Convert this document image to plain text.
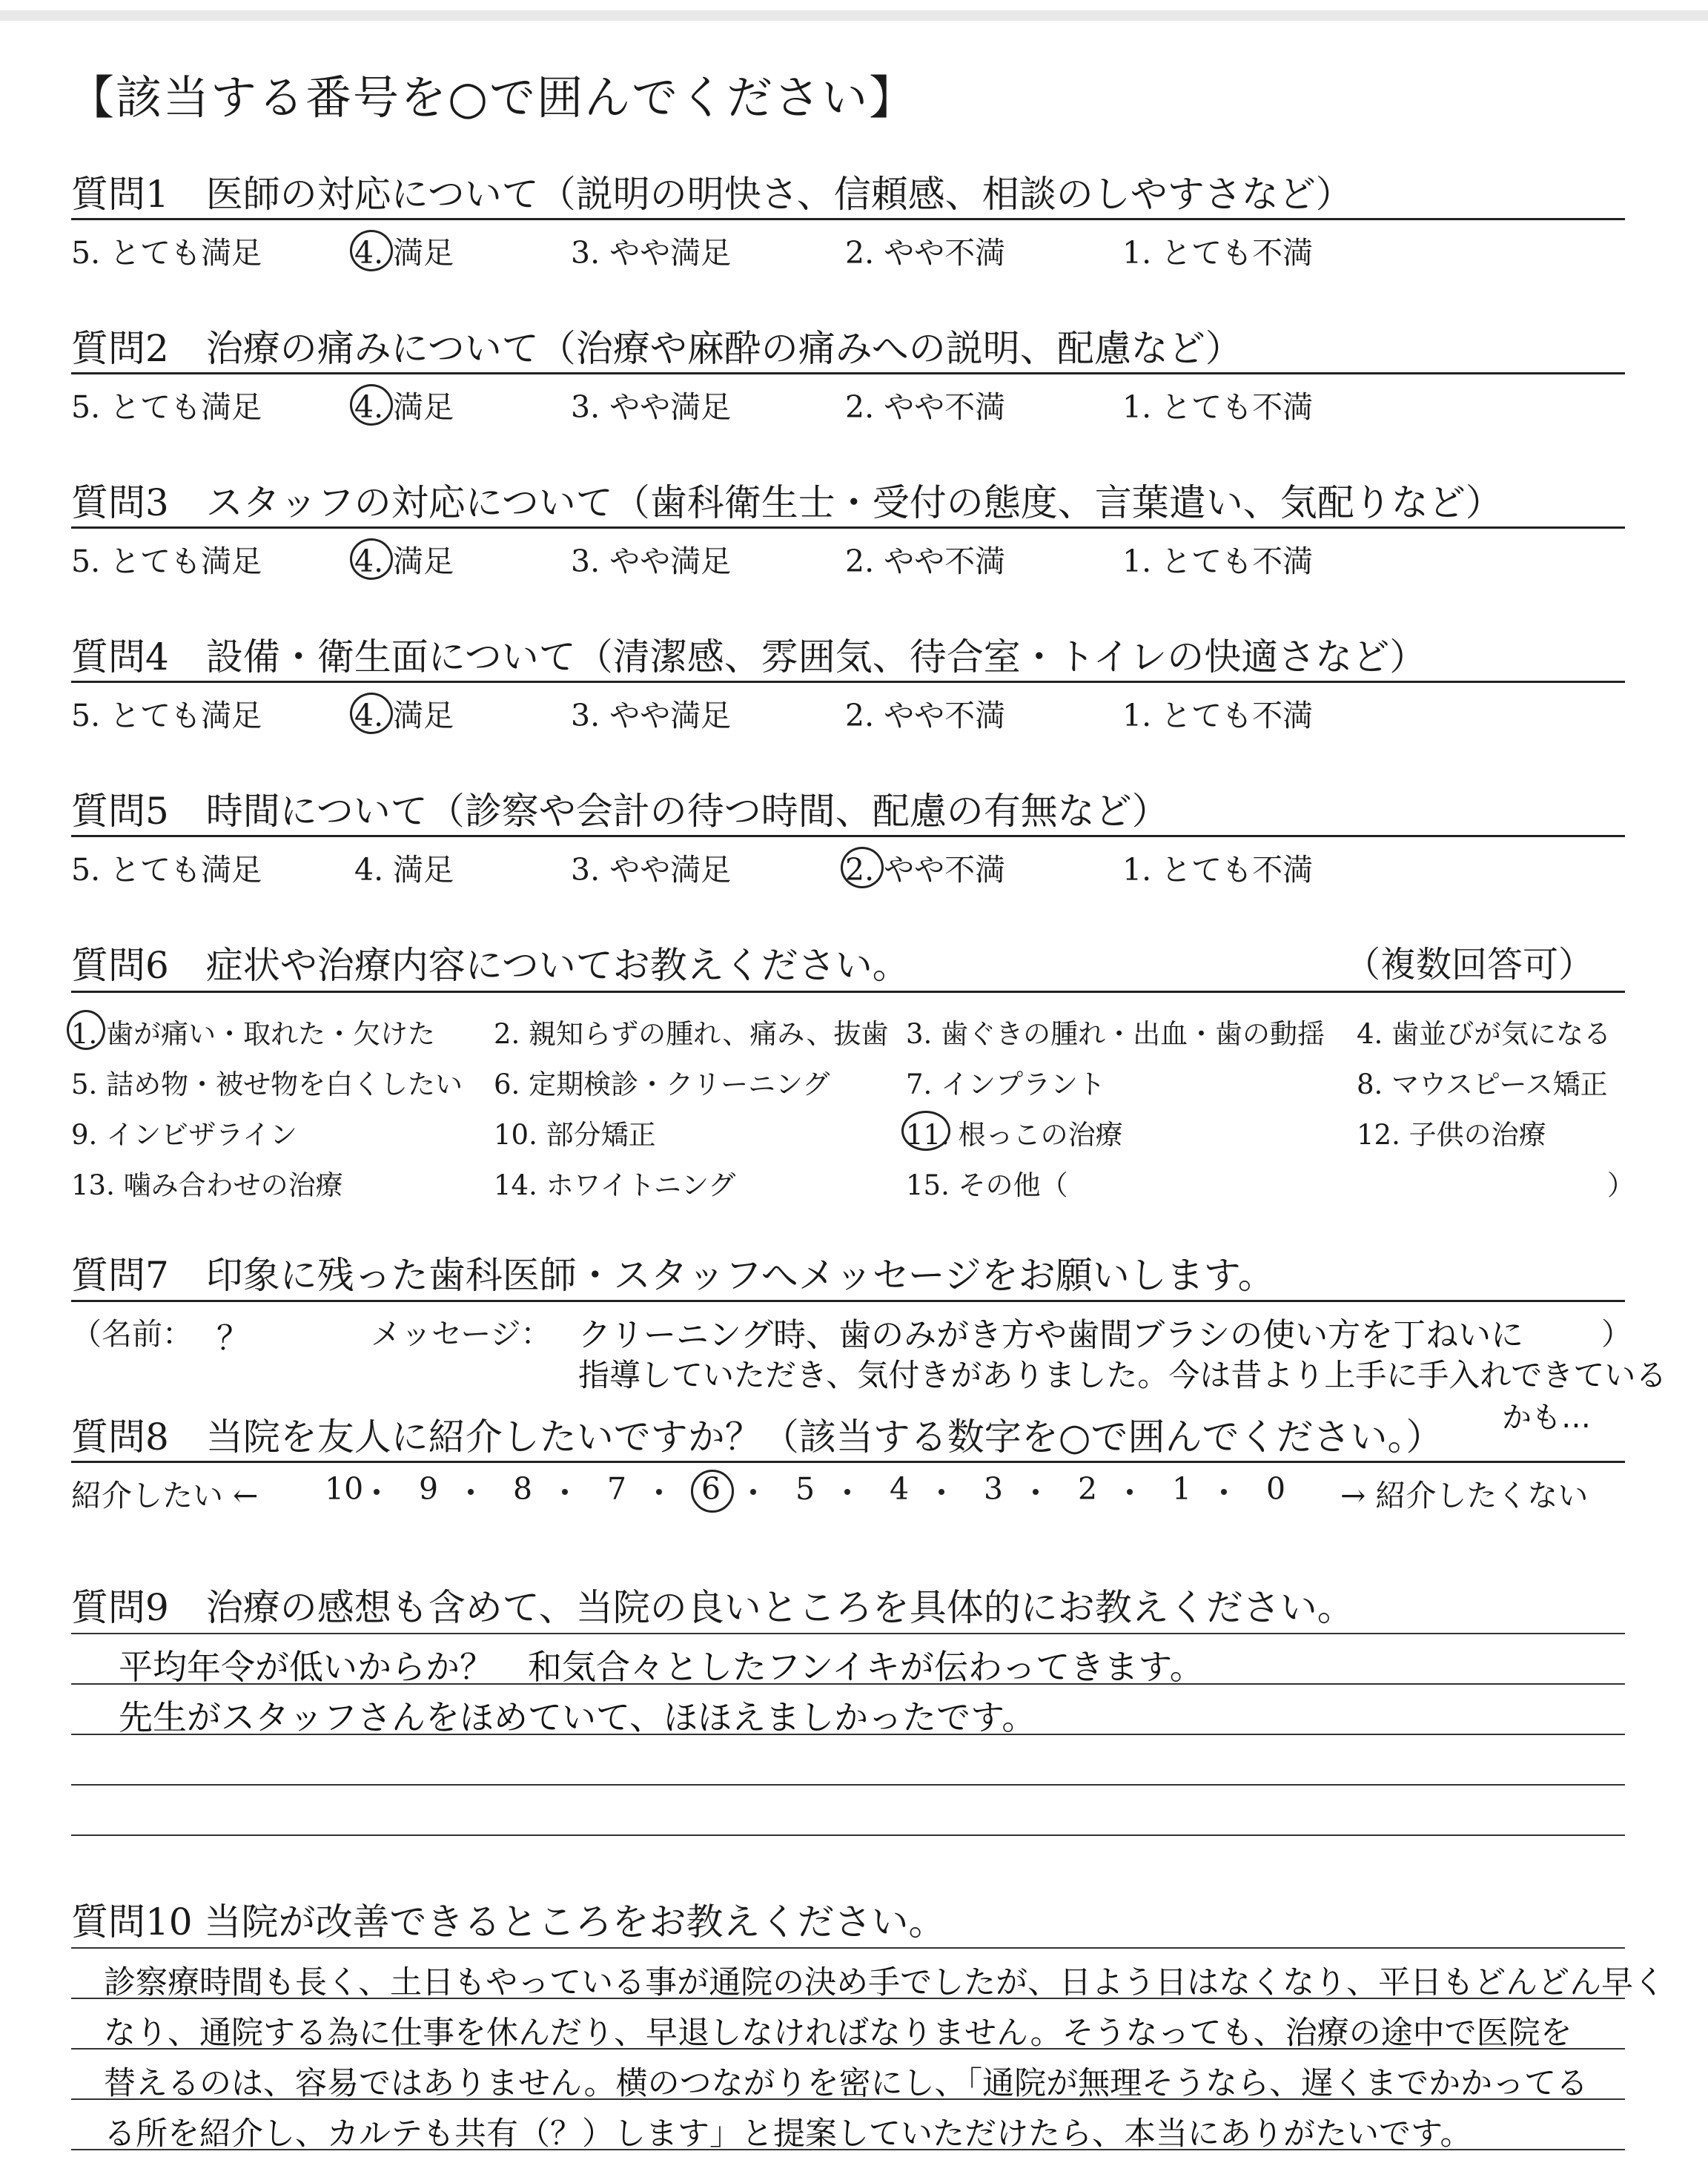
【該当する番号を○で囲んでください】
質問1　医師の対応について（説明の明快さ、信頼感、相談のしやすさなど）
5. とても満足	4. 満足	3. やや満足	2. やや不満	1. とても不満
質問2　治療の痛みについて（治療や麻酔の痛みへの説明、配慮など）
5. とても満足	4. 満足	3. やや満足	2. やや不満	1. とても不満
質問3　スタッフの対応について（歯科衛生士・受付の態度、言葉遣い、気配りなど）
5. とても満足	4. 満足	3. やや満足	2. やや不満	1. とても不満
質問4　設備・衛生面について（清潔感、雰囲気、待合室・トイレの快適さなど）
5. とても満足	4. 満足	3. やや満足	2. やや不満	1. とても不満
質問5　時間について（診察や会計の待つ時間、配慮の有無など）
5. とても満足	4. 満足	3. やや満足	2. やや不満	1. とても不満
質問6　症状や治療内容についてお教えください。	（複数回答可）
1. 歯が痛い・取れた・欠けた 2. 親知らずの腫れ、痛み、抜歯 3. 歯ぐきの腫れ・出血・歯の動揺 4. 歯並びが気になる
5. 詰め物・被せ物を白くしたい 6. 定期検診・クリーニング	7. インプラント	8. マウスピース矯正
9. インビザライン	10. 部分矯正	11. 根っこの治療	12. 子供の治療
13. 噛み合わせの治療	14. ホワイトニング	15. その他（	）
質問7　印象に残った歯科医師・スタッフへメッセージをお願いします。
（名前： ？	メッセージ：	）
クリーニング時、歯のみがき方や歯間ブラシの使い方を丁ねいに
指導していただき、気付きがありました。今は昔より上手に手入れできている
かも…
質問8　当院を友人に紹介したいですか？（該当する数字を○で囲んでください。）
紹介したい ←	→ 紹介したくない
10 9 8 7 6 5 4 3 2 1 0
質問9　治療の感想も含めて、当院の良いところを具体的にお教えください。
平均年令が低いからか？　和気合々としたフンイキが伝わってきます。
先生がスタッフさんをほめていて、ほほえましかったです。
質問10 当院が改善できるところをお教えください。
診察療時間も長く、土日もやっている事が通院の決め手でしたが、日よう日はなくなり、平日もどんどん早く
なり、通院する為に仕事を休んだり、早退しなければなりません。そうなっても、治療の途中で医院を
替えるのは、容易ではありません。横のつながりを密にし、「通院が無理そうなら、遅くまでかかってる
る所を紹介し、カルテも共有（？）します」と提案していただけたら、本当にありがたいです。
